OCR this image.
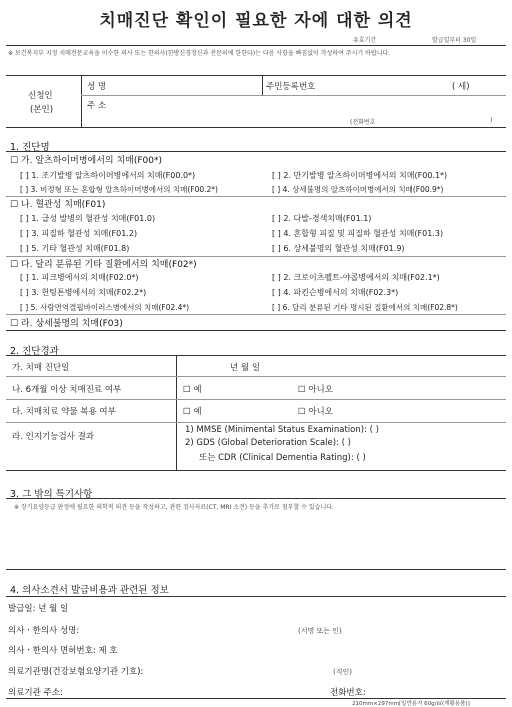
치매진단 확인이 필요한 자에 대한 의견
유효기간	발급일부터 30일
※ 보건복지부 지정 치매전문교육을 이수한 의사 또는 한의사(한방신경정신과 전문의에 한한다)는 다음 사항을 빠짐없이 작성하여 주시기 바랍니다.
신청인
(본인)
성 명	주민등록번호	( 세)
주 소
(전화번호	)
1. 진단명
☐ 가. 알츠하이머병에서의 치매(F00*)
[ ] 1. 조기발병 알츠하이머병에서의 치매(F00.0*)	[ ] 2. 만기발병 알츠하이머병에서의 치매(F00.1*)
[ ] 3. 비정형 또는 혼합형 알츠하이머병에서의 치매(F00.2*)	[ ] 4. 상세불명의 알츠하이머병에서의 치매(F00.9*)
☐ 나. 혈관성 치매(F01)
[ ] 1. 급성 발병의 혈관성 치매(F01.0)	[ ] 2. 다발-경색치매(F01.1)
[ ] 3. 피질하 혈관성 치매(F01.2)	[ ] 4. 혼합형 피질 및 피질하 혈관성 치매(F01.3)
[ ] 5. 기타 혈관성 치매(F01.8)	[ ] 6. 상세불명의 혈관성 치매(F01.9)
☐ 다. 달리 분류된 기타 질환에서의 치매(F02*)
[ ] 1. 피크병에서의 치매(F02.0*)	[ ] 2. 크로이츠펠트-야콥병에서의 치매(F02.1*)
[ ] 3. 헌팅톤병에서의 치매(F02.2*)	[ ] 4. 파킨슨병에서의 치매(F02.3*)
[ ] 5. 사람면역결핍바이러스병에서의 치매(F02.4*)	[ ] 6. 달리 분류된 기타 명시된 질환에서의 치매(F02.8*)
☐ 라. 상세불명의 치매(F03)
2. 진단경과
가. 치매 진단일	년 월 일
나. 6개월 이상 치매진료 여부	☐ 예	☐ 아니오
다. 치매치료 약물 복용 여부	☐ 예	☐ 아니오
라. 인지기능검사 결과
1) MMSE (Minimental Status Examination): ( )
2) GDS (Global Deterioration Scale): ( )
또는 CDR (Clinical Dementia Rating): ( )
3. 그 밖의 특기사항
※ 장기요양등급 판정에 필요한 의학적 의견 등을 작성하고, 관련 검사자료(CT, MRI 소견) 등을 추가로 첨부할 수 있습니다.
4. 의사소견서 발급비용과 관련된 정보
발급일: 년 월 일
의사ㆍ한의사 성명:	(서명 또는 인)
의사ㆍ한의사 면허번호: 제 호
의료기관명(건강보험요양기관 기호):	(직인)
의료기관 주소:	전화번호:
210mm×297mm[일반용지 60g/㎡(재활용품)]
